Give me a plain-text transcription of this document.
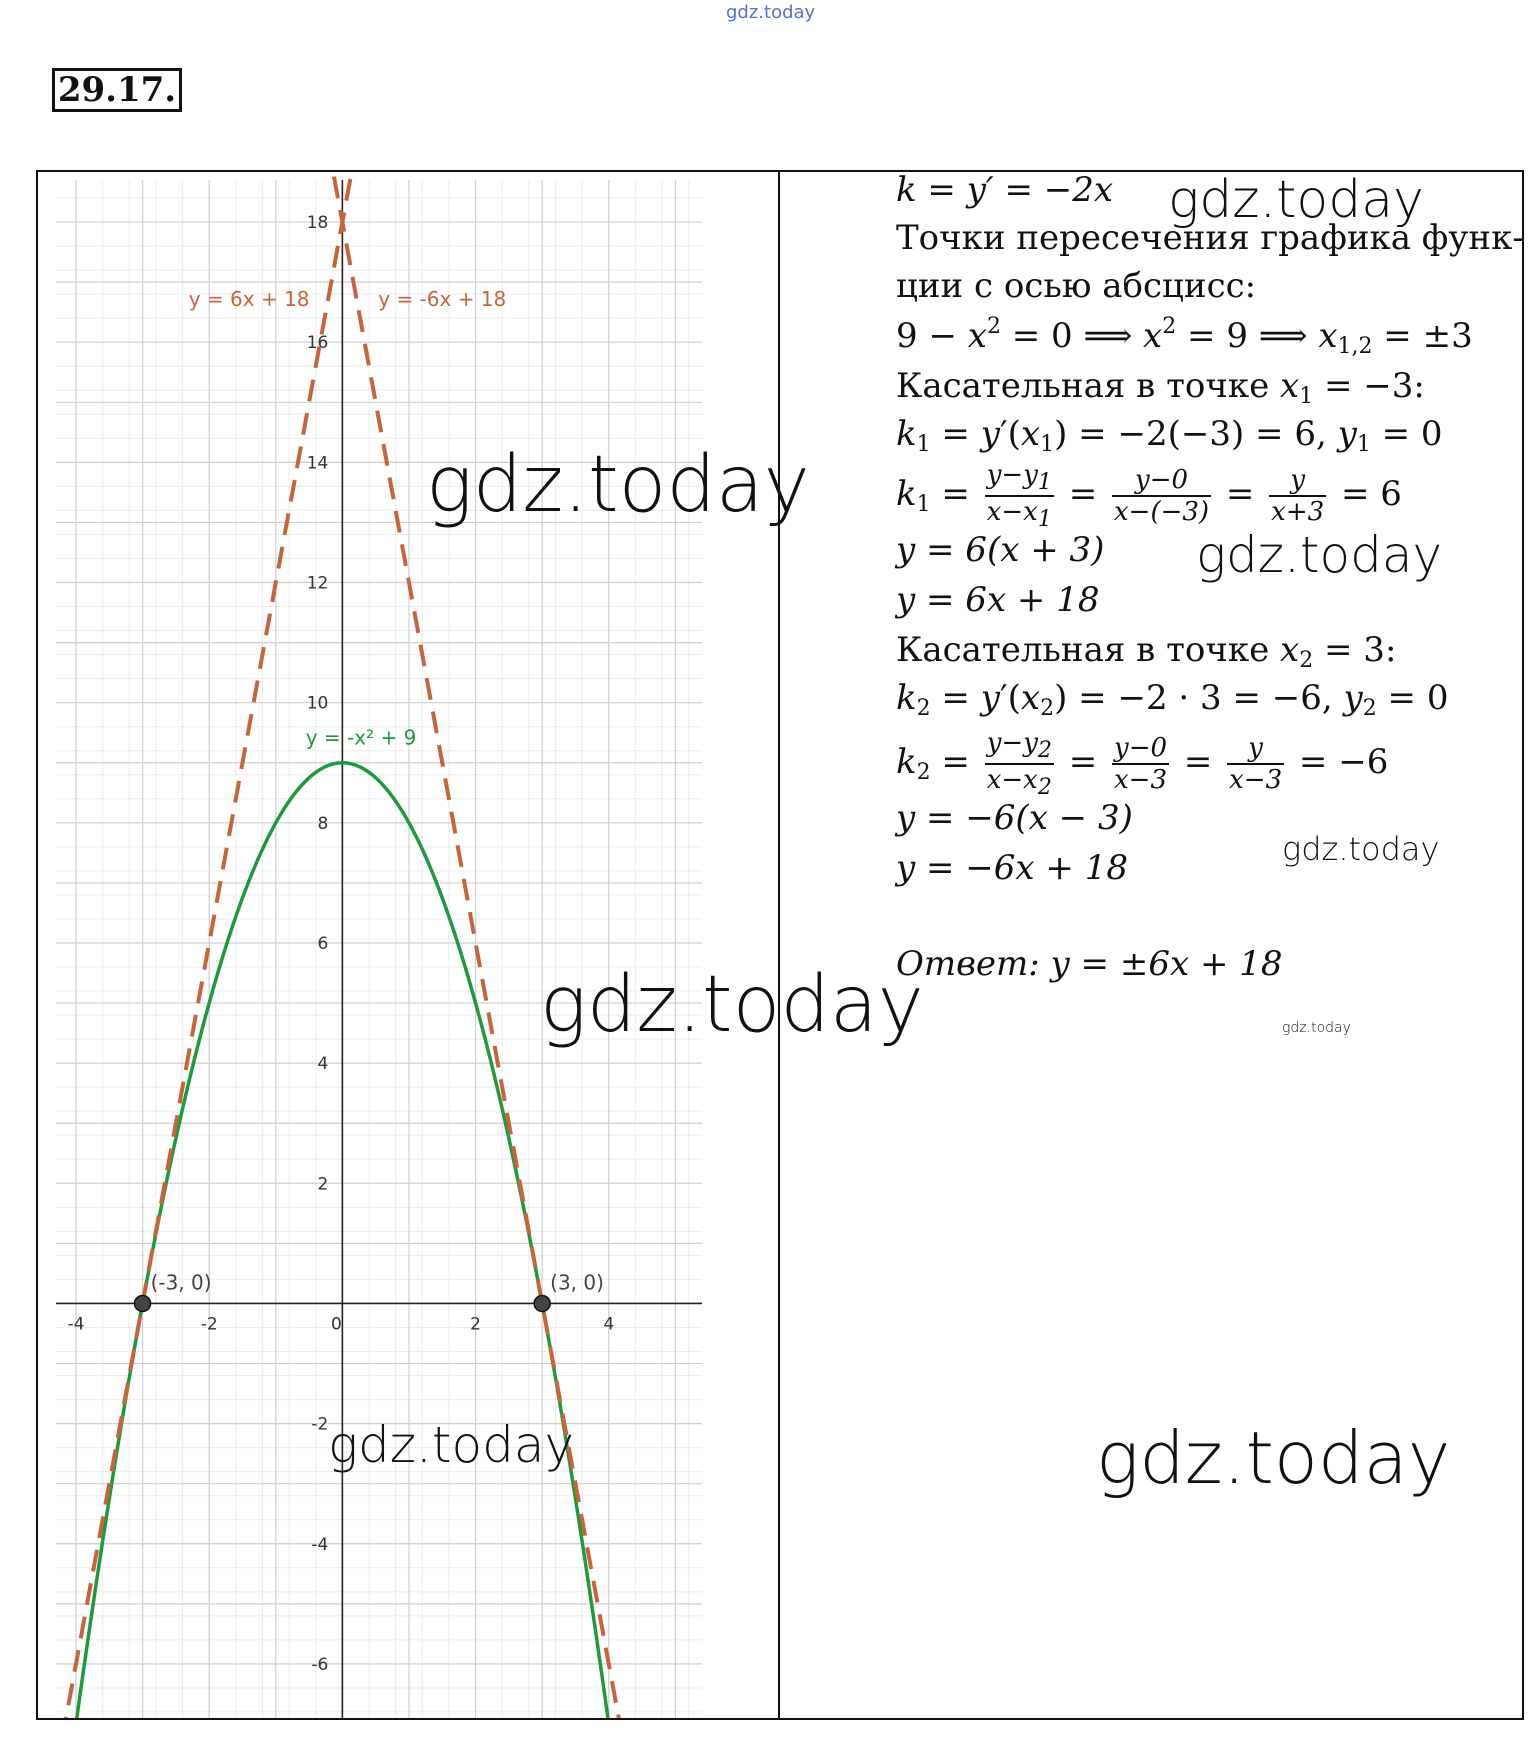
gdz.today
29.17.
-4	-2	0	2	4
-6
-4
-2
2
4
6
8
10
12
14
16
18
(-3, 0)	(3, 0)
y = -x² + 9
y = 6x + 18	y = -6x + 18
k = y′ = −2x
Точки пересечения графика функ-
ции с осью абсцисс:
$9 - x^2 = 0$ ⟹ $x^2 = 9$ ⟹ $x_{1,2} = \pm 3$
Касательная в точке $x_1 = -3$:
$k_1 = y'(x_1) = -2(-3) = 6$, $y_1 = 0$
$k_1 = \frac{y-y_1}{x-x_1} = \frac{y-0}{x-(-3)} = \frac{y}{x+3} = 6$
y = 6(x + 3)
y = 6x + 18
Касательная в точке $x_2 = 3$:
$k_2 = y'(x_2) = -2 \cdot 3 = -6$, $y_2 = 0$
$k_2 = \frac{y-y_2}{x-x_2} = \frac{y-0}{x-3} = \frac{y}{x-3} = -6$
y = −6(x − 3)
y = −6x + 18
Ответ: y = ±6x + 18
gdz.today
gdz.today
gdz.today
gdz.today
gdz.today	gdz.today
gdz.today	gdz.today
